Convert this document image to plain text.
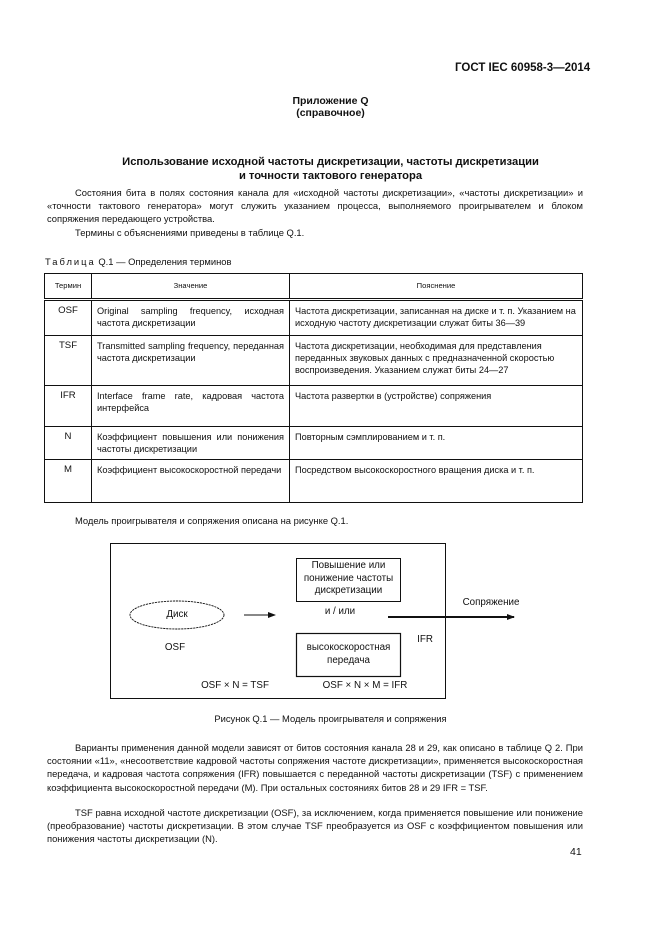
ГОСТ IEC 60958-3—2014
Приложение Q
(справочное)
Использование исходной частоты дискретизации, частоты дискретизации
и точности тактового генератора
Состояния бита в полях состояния канала для «исходной частоты дискретизации», «частоты дискретизации» и «точности тактового генератора» могут служить указанием процесса, выполняемого проигрывателем и блоком сопряжения передающего устройства.
Термины с объяснениями приведены в таблице Q.1.
Таблица Q.1 — Определения терминов
Термин	Значение	Пояснение
OSF	Original sampling frequency, исходная частота дискретизации	Частота дискретизации, записанная на диске и т. п. Указанием на исходную частоту дискретизации служат биты 36—39
TSF	Transmitted sampling frequency, переданная частота дискретизации	Частота дискретизации, необходимая для представления переданных звуковых данных с предназначенной скоростью воспроизведения. Указанием служат биты 24—27
IFR	Interface frame rate, кадровая частота интерфейса	Частота развертки в (устройстве) сопряжения
N	Коэффициент повышения или понижения частоты дискретизации	Повторным сэмплированием и т. п.
M	Коэффициент высокоскоростной передачи	Посредством высокоскоростного вращения диска и т. п.
Модель проигрывателя и сопряжения описана на рисунке Q.1.
Диск
OSF
Повышение или понижение частоты дискретизации
и / или
высокоскоростная передача
IFR
Сопряжение
OSF × N = TSF	OSF × N × M = IFR
Рисунок Q.1 — Модель проигрывателя и сопряжения
Варианты применения данной модели зависят от битов состояния канала 28 и 29, как описано в таблице Q 2. При состоянии «11», «несоответствие кадровой частоты сопряжения частоте дискретизации», применяется высокоскоростная передача, и кадровая частота сопряжения (IFR) повышается с переданной частоты дискретизации (TSF) с применением коэффициента высокоскоростной передачи (M). При остальных состояниях битов 28 и 29 IFR = TSF.
TSF равна исходной частоте дискретизации (OSF), за исключением, когда применяется повышение или понижение (преобразование) частоты дискретизации. В этом случае TSF преобразуется из OSF с коэффициентом повышения или понижения частоты дискретизации (N).
41
